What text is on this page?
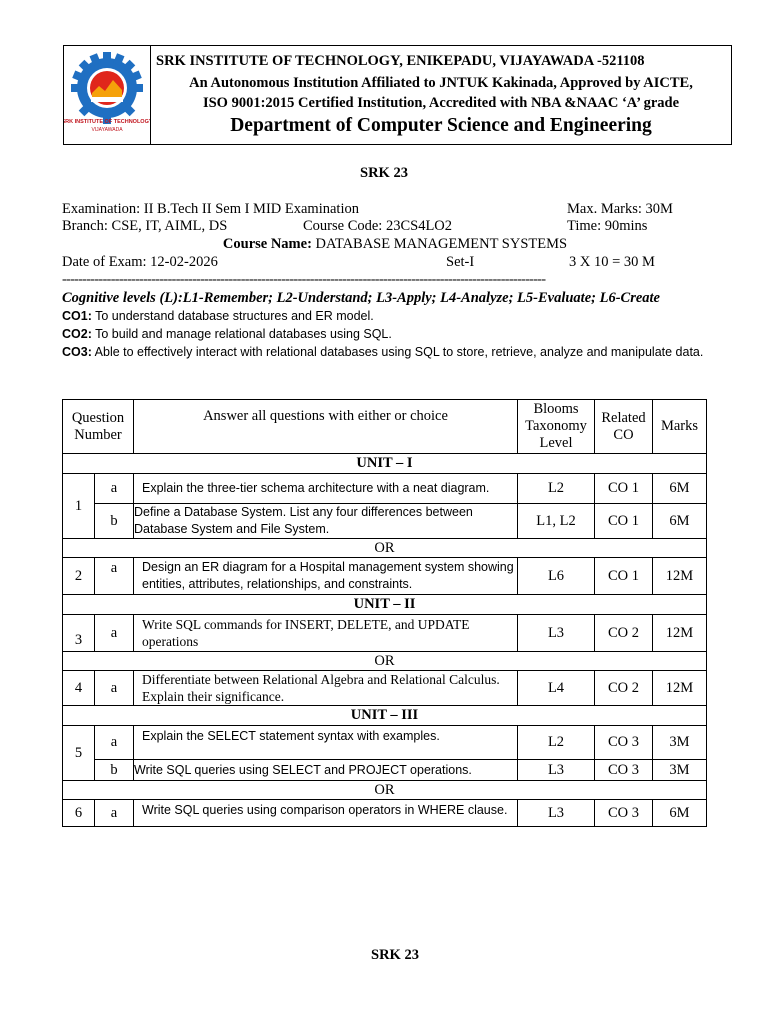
SRK INSTITUTE OF TECHNOLOGY
VIJAYAWADA
SRK INSTITUTE OF TECHNOLOGY, ENIKEPADU, VIJAYAWADA -521108
An Autonomous Institution Affiliated to JNTUK Kakinada, Approved by AICTE,
ISO 9001:2015 Certified Institution, Accredited with NBA &NAAC ‘A’ grade
Department of Computer Science and Engineering
SRK 23
Examination: II B.Tech II Sem I MID Examination	Max. Marks: 30M
Branch: CSE, IT, AIML, DS	Course Code: 23CS4LO2	Time: 90mins
Course Name: DATABASE MANAGEMENT SYSTEMS
Date of Exam: 12-02-2026	Set-I	3 X 10 = 30 M
-----------------------------------------------------------------------------------------------------------------------
Cognitive levels (L):L1-Remember; L2-Understand; L3-Apply; L4-Analyze; L5-Evaluate; L6-Create
CO1: To understand database structures and ER model.
CO2: To build and manage relational databases using SQL.
CO3: Able to effectively interact with relational databases using SQL to store, retrieve, analyze and manipulate data.
Question Number		Answer all questions with either or choice	Blooms Taxonomy Level	Related CO	Marks
UNIT – I					
1	a	Explain the three-tier schema architecture with a neat diagram.	L2	CO 1	6M
	b	Define a Database System. List any four differences between Database System and File System.	L1, L2	CO 1	6M
OR					
2	a	Design an ER diagram for a Hospital management system showing entities, attributes, relationships, and constraints.	L6	CO 1	12M
UNIT – II					
3	a	Write SQL commands for INSERT, DELETE, and UPDATE operations	L3	CO 2	12M
OR					
4	a	Differentiate between Relational Algebra and Relational Calculus. Explain their significance.	L4	CO 2	12M
UNIT – III					
5	a	Explain the SELECT statement syntax with examples.	L2	CO 3	3M
	b	Write SQL queries using SELECT and PROJECT operations.	L3	CO 3	3M
OR					
6	a	Write SQL queries using comparison operators in WHERE clause.	L3	CO 3	6M
SRK 23
